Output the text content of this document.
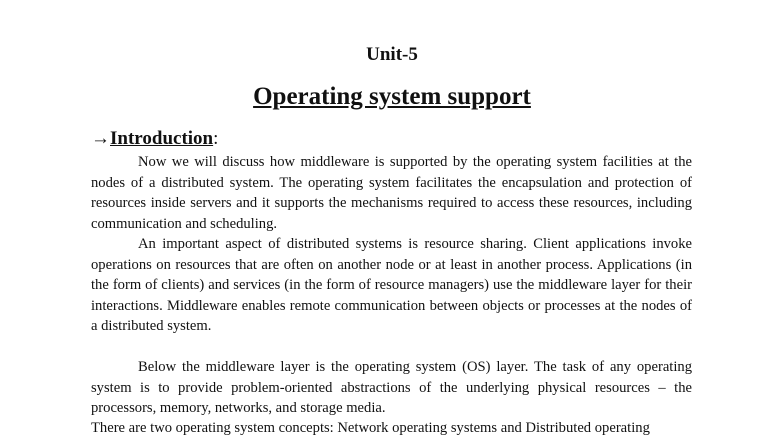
Unit-5
Operating system support
→Introduction:

Now we will discuss how middleware is supported by the operating system facilities at the nodes of a distributed system. The operating system facilitates the encapsulation and protection of resources inside servers and it supports the mechanisms required to access these resources, including communication and scheduling.

An important aspect of distributed systems is resource sharing. Client applications invoke operations on resources that are often on another node or at least in another process. Applications (in the form of clients) and services (in the form of resource managers) use the middleware layer for their interactions. Middleware enables remote communication between objects or processes at the nodes of a distributed system.

Below the middleware layer is the operating system (OS) layer. The task of any operating system is to provide problem-oriented abstractions of the underlying physical resources – the processors, memory, networks, and storage media.

There are two operating system concepts: Network operating systems and Distributed operating
